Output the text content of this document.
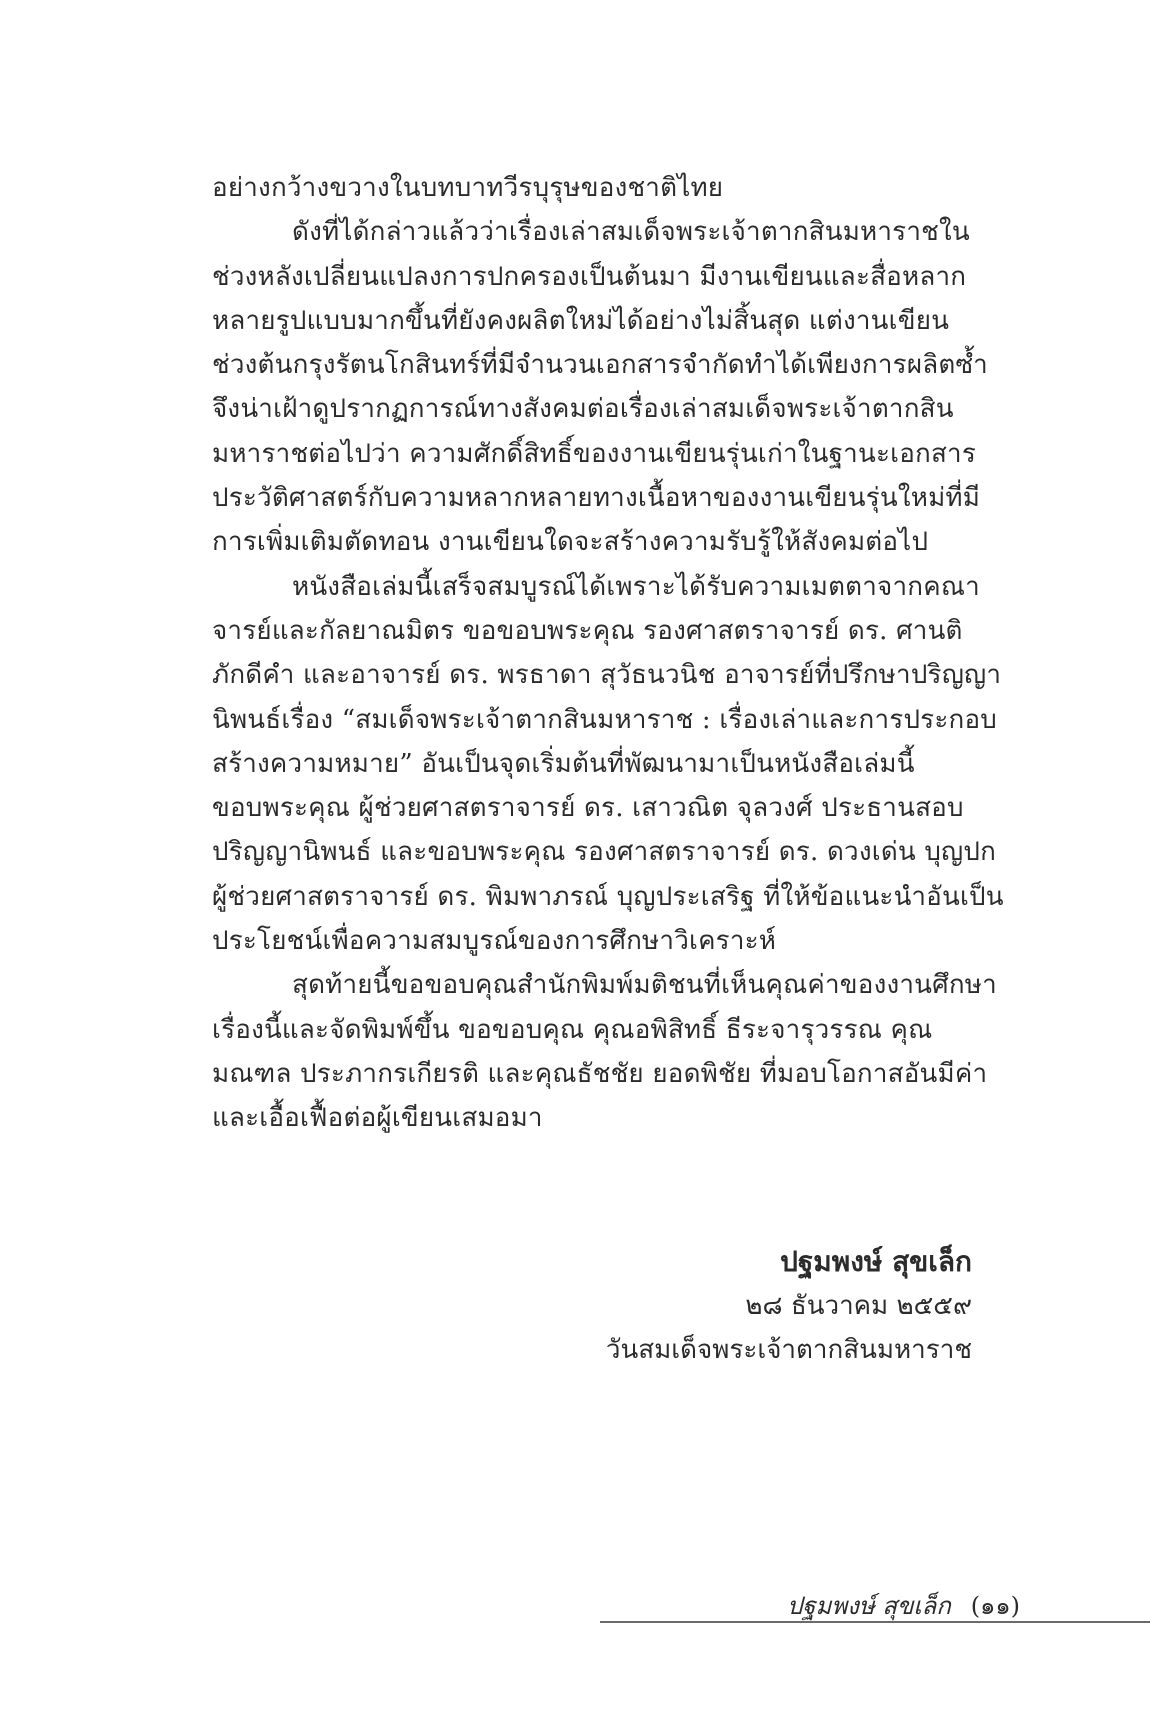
อย่างกว้างขวางในบทบาทวีรบุรุษของชาติไทย
ดังที่ได้กล่าวแล้วว่าเรื่องเล่าสมเด็จพระเจ้าตากสินมหาราชใน
ช่วงหลังเปลี่ยนแปลงการปกครองเป็นต้นมา มีงานเขียนและสื่อหลาก
หลายรูปแบบมากขึ้นที่ยังคงผลิตใหม่ได้อย่างไม่สิ้นสุด แต่งานเขียน
ช่วงต้นกรุงรัตนโกสินทร์ที่มีจำนวนเอกสารจำกัดทำได้เพียงการผลิตซ้ำ
จึงน่าเฝ้าดูปรากฏการณ์ทางสังคมต่อเรื่องเล่าสมเด็จพระเจ้าตากสิน
มหาราชต่อไปว่า ความศักดิ์สิทธิ์ของงานเขียนรุ่นเก่าในฐานะเอกสาร
ประวัติศาสตร์กับความหลากหลายทางเนื้อหาของงานเขียนรุ่นใหม่ที่มี
การเพิ่มเติมตัดทอน งานเขียนใดจะสร้างความรับรู้ให้สังคมต่อไป
หนังสือเล่มนี้เสร็จสมบูรณ์ได้เพราะได้รับความเมตตาจากคณา
จารย์และกัลยาณมิตร ขอขอบพระคุณ รองศาสตราจารย์ ดร. ศานติ
ภักดีคำ และอาจารย์ ดร. พรธาดา สุวัธนวนิช อาจารย์ที่ปรึกษาปริญญา
นิพนธ์เรื่อง “สมเด็จพระเจ้าตากสินมหาราช : เรื่องเล่าและการประกอบ
สร้างความหมาย” อันเป็นจุดเริ่มต้นที่พัฒนามาเป็นหนังสือเล่มนี้
ขอบพระคุณ ผู้ช่วยศาสตราจารย์ ดร. เสาวณิต จุลวงศ์ ประธานสอบ
ปริญญานิพนธ์ และขอบพระคุณ รองศาสตราจารย์ ดร. ดวงเด่น บุญปก
ผู้ช่วยศาสตราจารย์ ดร. พิมพาภรณ์ บุญประเสริฐ ที่ให้ข้อแนะนำอันเป็น
ประโยชน์เพื่อความสมบูรณ์ของการศึกษาวิเคราะห์
สุดท้ายนี้ขอขอบคุณสำนักพิมพ์มติชนที่เห็นคุณค่าของงานศึกษา
เรื่องนี้และจัดพิมพ์ขึ้น ขอขอบคุณ คุณอพิสิทธิ์ ธีระจารุวรรณ คุณ
มณฑล ประภากรเกียรติ และคุณธัชชัย ยอดพิชัย ที่มอบโอกาสอันมีค่า
และเอื้อเฟื้อต่อผู้เขียนเสมอมา
ปฐมพงษ์ สุขเล็ก
๒๘ ธันวาคม ๒๕๕๙
วันสมเด็จพระเจ้าตากสินมหาราช
ปฐมพงษ์ สุขเล็ก (๑๑)
